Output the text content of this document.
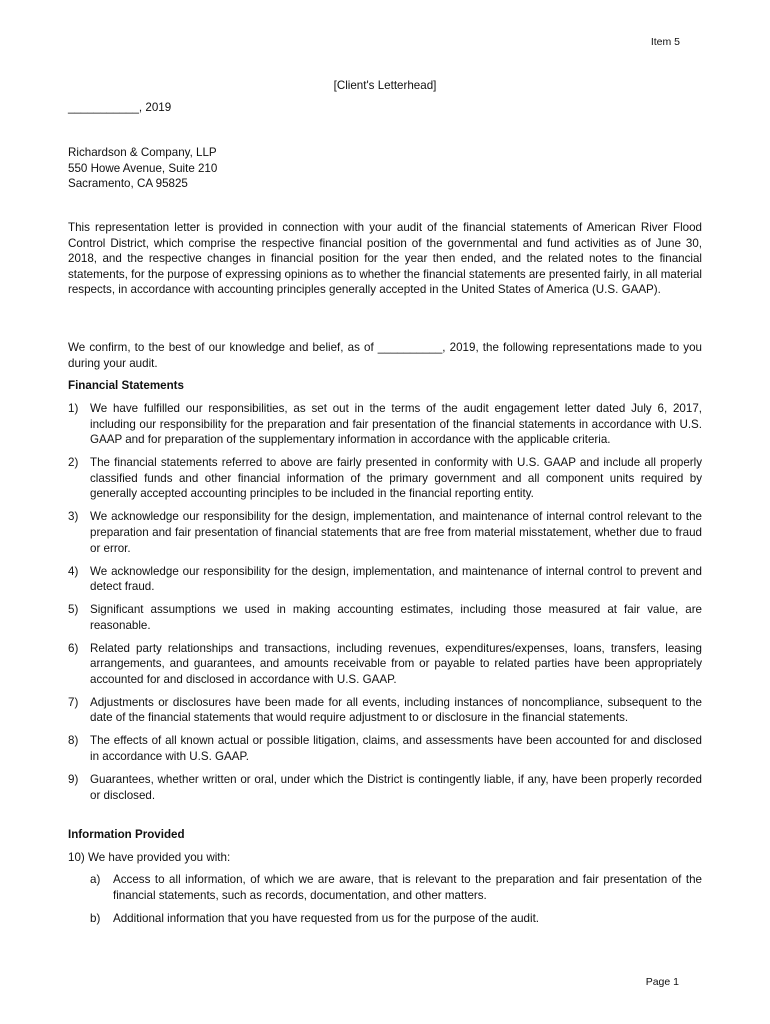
Item 5
[Client's Letterhead]
___________, 2019
Richardson & Company, LLP
550 Howe Avenue, Suite 210
Sacramento, CA 95825
This representation letter is provided in connection with your audit of the financial statements of American River Flood Control District, which comprise the respective financial position of the governmental and fund activities as of June 30, 2018, and the respective changes in financial position for the year then ended, and the related notes to the financial statements, for the purpose of expressing opinions as to whether the financial statements are presented fairly, in all material respects, in accordance with accounting principles generally accepted in the United States of America (U.S. GAAP).
We confirm, to the best of our knowledge and belief, as of __________, 2019, the following representations made to you during your audit.
Financial Statements
1) We have fulfilled our responsibilities, as set out in the terms of the audit engagement letter dated July 6, 2017, including our responsibility for the preparation and fair presentation of the financial statements in accordance with U.S. GAAP and for preparation of the supplementary information in accordance with the applicable criteria.
2) The financial statements referred to above are fairly presented in conformity with U.S. GAAP and include all properly classified funds and other financial information of the primary government and all component units required by generally accepted accounting principles to be included in the financial reporting entity.
3) We acknowledge our responsibility for the design, implementation, and maintenance of internal control relevant to the preparation and fair presentation of financial statements that are free from material misstatement, whether due to fraud or error.
4) We acknowledge our responsibility for the design, implementation, and maintenance of internal control to prevent and detect fraud.
5) Significant assumptions we used in making accounting estimates, including those measured at fair value, are reasonable.
6) Related party relationships and transactions, including revenues, expenditures/expenses, loans, transfers, leasing arrangements, and guarantees, and amounts receivable from or payable to related parties have been appropriately accounted for and disclosed in accordance with U.S. GAAP.
7) Adjustments or disclosures have been made for all events, including instances of noncompliance, subsequent to the date of the financial statements that would require adjustment to or disclosure in the financial statements.
8) The effects of all known actual or possible litigation, claims, and assessments have been accounted for and disclosed in accordance with U.S. GAAP.
9) Guarantees, whether written or oral, under which the District is contingently liable, if any, have been properly recorded or disclosed.
Information Provided
10) We have provided you with:
a) Access to all information, of which we are aware, that is relevant to the preparation and fair presentation of the financial statements, such as records, documentation, and other matters.
b) Additional information that you have requested from us for the purpose of the audit.
Page 1
